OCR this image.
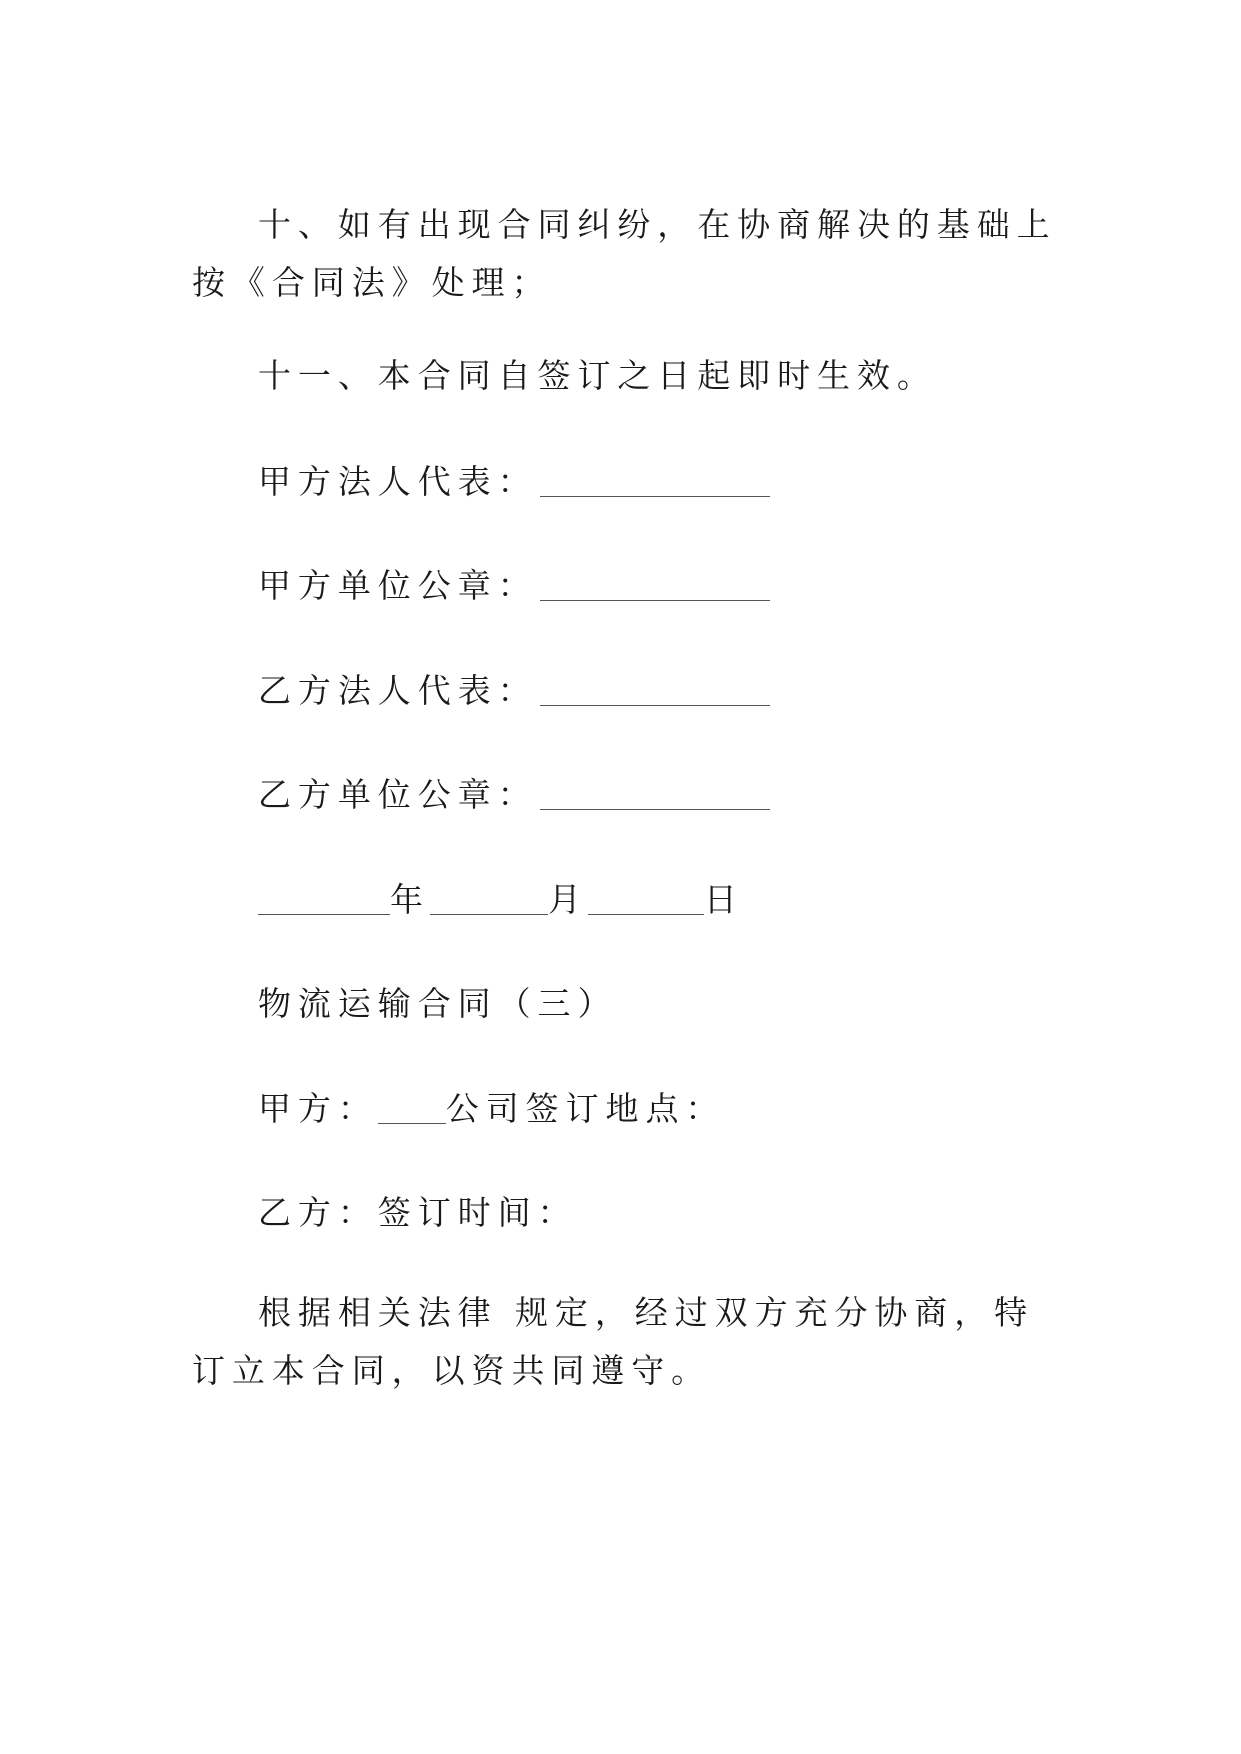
十、如有出现合同纠纷，在协商解决的基础上按《合同法》处理；

十一、本合同自签订之日起即时生效。

甲方法人代表：

甲方单位公章：

乙方法人代表：

乙方单位公章：

年	月	日

物流运输合同（三）

甲方： 公司签订地点：

乙方：签订时间：

根据相关法律 规定，经过双方充分协商，特订立本合同，以资共同遵守。
